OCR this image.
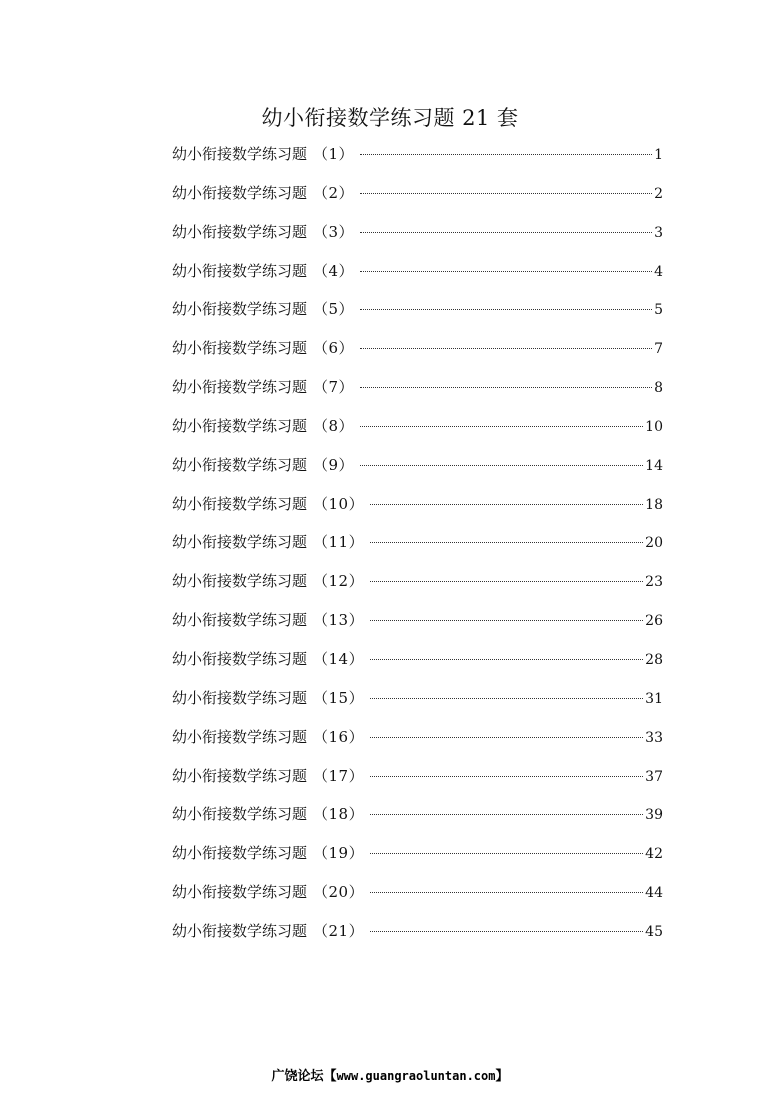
幼小衔接数学练习题 21 套
幼小衔接数学练习题 （1）	1
幼小衔接数学练习题 （2）	2
幼小衔接数学练习题 （3）	3
幼小衔接数学练习题 （4）	4
幼小衔接数学练习题 （5）	5
幼小衔接数学练习题 （6）	7
幼小衔接数学练习题 （7）	8
幼小衔接数学练习题 （8）	10
幼小衔接数学练习题 （9）	14
幼小衔接数学练习题 （10）	18
幼小衔接数学练习题 （11）	20
幼小衔接数学练习题 （12）	23
幼小衔接数学练习题 （13）	26
幼小衔接数学练习题 （14）	28
幼小衔接数学练习题 （15）	31
幼小衔接数学练习题 （16）	33
幼小衔接数学练习题 （17）	37
幼小衔接数学练习题 （18）	39
幼小衔接数学练习题 （19）	42
幼小衔接数学练习题 （20）	44
幼小衔接数学练习题 （21）	45
广饶论坛【www.guangraoluntan.com】
